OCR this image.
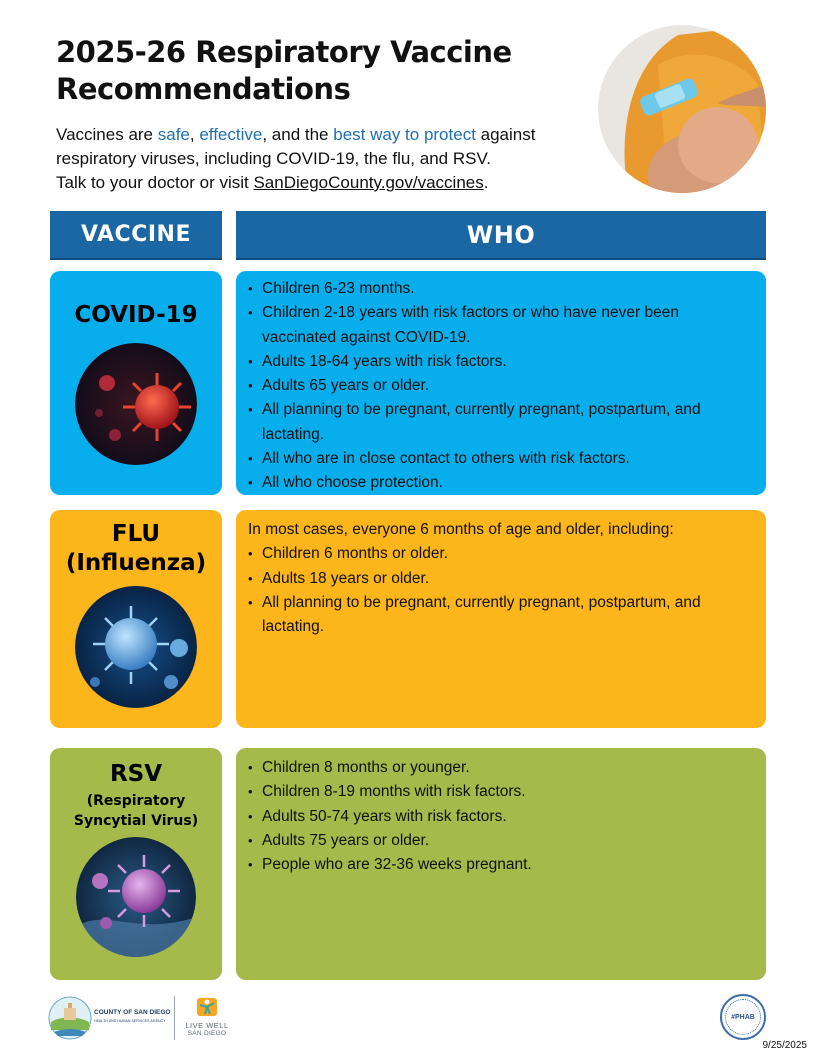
2025-26 Respiratory Vaccine Recommendations
Vaccines are safe, effective, and the best way to protect against respiratory viruses, including COVID-19, the flu, and RSV.
Talk to your doctor or visit SanDiegoCounty.gov/vaccines.
VACCINE	WHO
COVID-19
• Children 6-23 months.
• Children 2-18 years with risk factors or who have never been vaccinated against COVID-19.
• Adults 18-64 years with risk factors.
• Adults 65 years or older.
• All planning to be pregnant, currently pregnant, postpartum, and lactating.
• All who are in close contact to others with risk factors.
• All who choose protection.
FLU
(Influenza)
In most cases, everyone 6 months of age and older, including:
• Children 6 months or older.
• Adults 18 years or older.
• All planning to be pregnant, currently pregnant, postpartum, and lactating.
RSV
(Respiratory Syncytial Virus)
• Children 8 months or younger.
• Children 8-19 months with risk factors.
• Adults 50-74 years with risk factors.
• Adults 75 years or older.
• People who are 32-36 weeks pregnant.
COUNTY OF SAN DIEGO
HEALTH AND HUMAN SERVICES AGENCY	LIVE WELL
SAN DIEGO
#PHAB
9/25/2025
